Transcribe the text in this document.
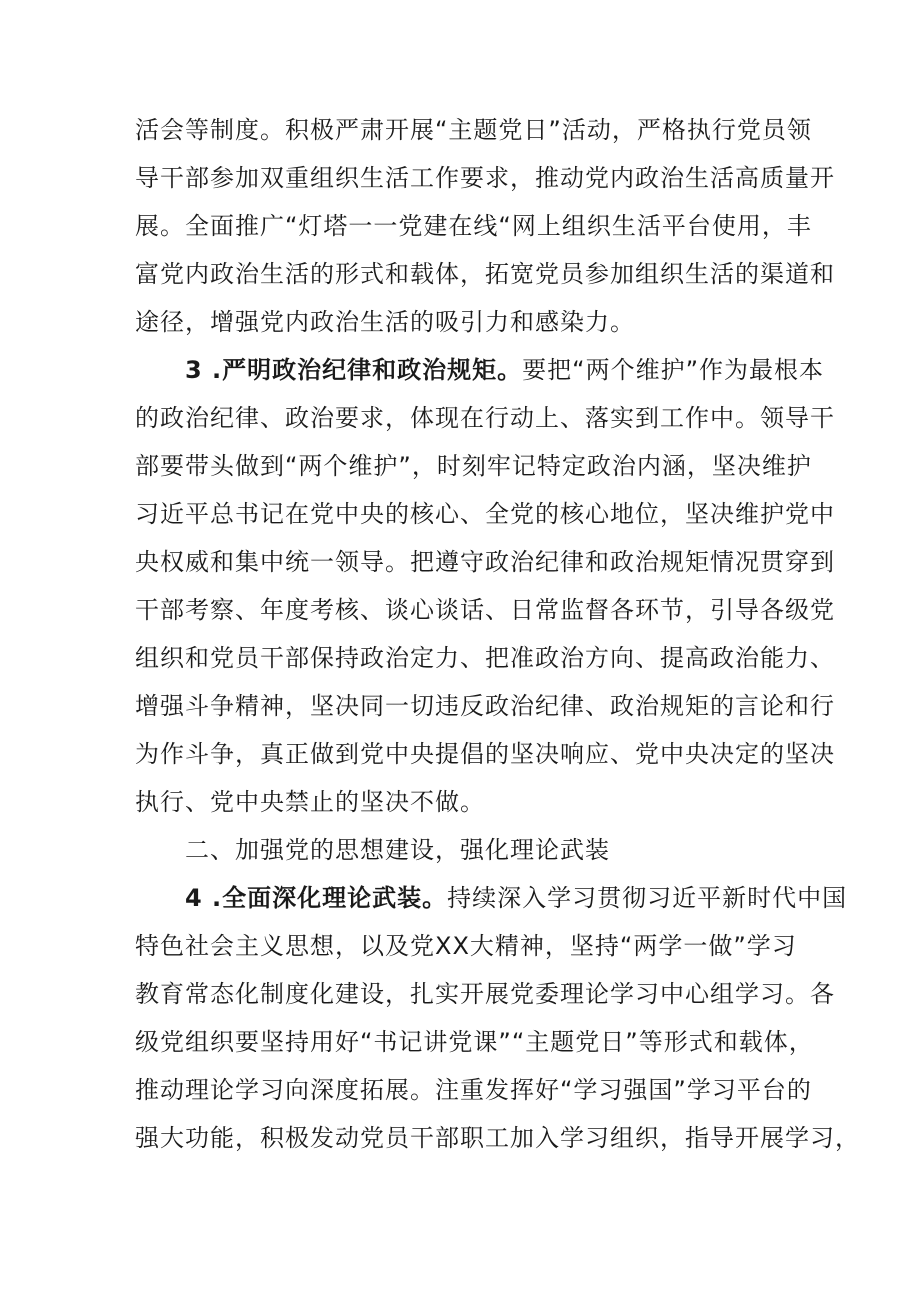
活会等制度。积极严肃开展“主题党日”活动，严格执行党员领
导干部参加双重组织生活工作要求，推动党内政治生活高质量开
展。全面推广“灯塔一一党建在线“网上组织生活平台使用，丰
富党内政治生活的形式和载体，拓宽党员参加组织生活的渠道和
途径，增强党内政治生活的吸引力和感染力。
3 .严明政治纪律和政治规矩。要把“两个维护”作为最根本
的政治纪律、政治要求，体现在行动上、落实到工作中。领导干
部要带头做到“两个维护”，时刻牢记特定政治内涵，坚决维护
习近平总书记在党中央的核心、全党的核心地位，坚决维护党中
央权威和集中统一领导。把遵守政治纪律和政治规矩情况贯穿到
干部考察、年度考核、谈心谈话、日常监督各环节，引导各级党
组织和党员干部保持政治定力、把准政治方向、提高政治能力、
增强斗争精神，坚决同一切违反政治纪律、政治规矩的言论和行
为作斗争，真正做到党中央提倡的坚决响应、党中央决定的坚决
执行、党中央禁止的坚决不做。
二、加强党的思想建设，强化理论武装
4 .全面深化理论武装。持续深入学习贯彻习近平新时代中国
特色社会主义思想，以及党XX大精神，坚持“两学一做”学习
教育常态化制度化建设，扎实开展党委理论学习中心组学习。各
级党组织要坚持用好“书记讲党课”“主题党日”等形式和载体，
推动理论学习向深度拓展。注重发挥好“学习强国”学习平台的
强大功能，积极发动党员干部职工加入学习组织，指导开展学习，
